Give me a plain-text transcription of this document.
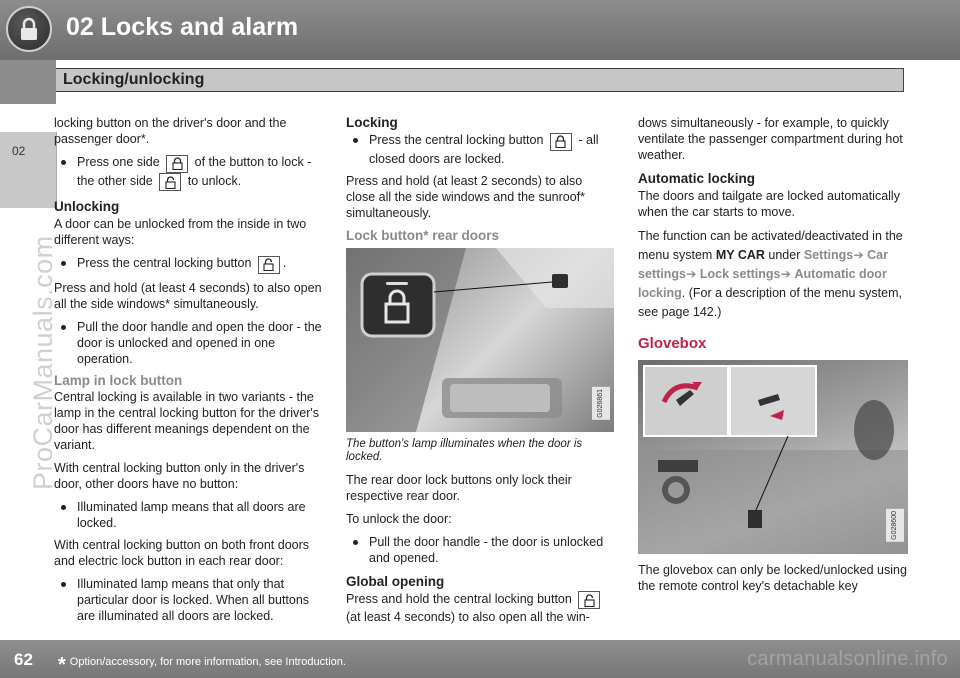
02 Locks and alarm
Locking/unlocking
02
ProCarManuals.com

locking button on the driver's door and the passenger door*.

Press one side	of the button to lock - the other side	to unlock.
Unlocking

A door can be unlocked from the inside in two different ways:

Press the central locking button	.

Press and hold (at least 4 seconds) to also open all the side windows* simultaneously.

Pull the door handle and open the door - the door is unlocked and opened in one operation.
Lamp in lock button

Central locking is available in two variants - the lamp in the central locking button for the driver's door has different meanings dependent on the variant.

With central locking button only in the driver's door, other doors have no button:

Illuminated lamp means that all doors are locked.

With central locking button on both front doors and electric lock button in each rear door:

Illuminated lamp means that only that particular door is locked. When all buttons are illuminated all doors are locked.
Locking
Press the central locking button	- all closed doors are locked.

Press and hold (at least 2 seconds) to also close all the side windows and the sunroof* simultaneously.

Lock button* rear doors
G026861
The button's lamp illuminates when the door is locked.

The rear door lock buttons only lock their respective rear door.

To unlock the door:

Pull the door handle - the door is unlocked and opened.
Global opening

Press and hold the central locking button
(at least 4 seconds) to also open all the win-

dows simultaneously - for example, to quickly ventilate the passenger compartment during hot weather.

Automatic locking

The doors and tailgate are locked automatically when the car starts to move.

The function can be activated/deactivated in the menu system MY CAR under Settings➔ Car settings➔ Lock settings➔ Automatic door locking. (For a description of the menu system, see page 142.)

Glovebox
G028600

The glovebox can only be locked/unlocked using the remote control key's detachable key

62 * Option/accessory, for more information, see Introduction.	carmanualsonline.info
